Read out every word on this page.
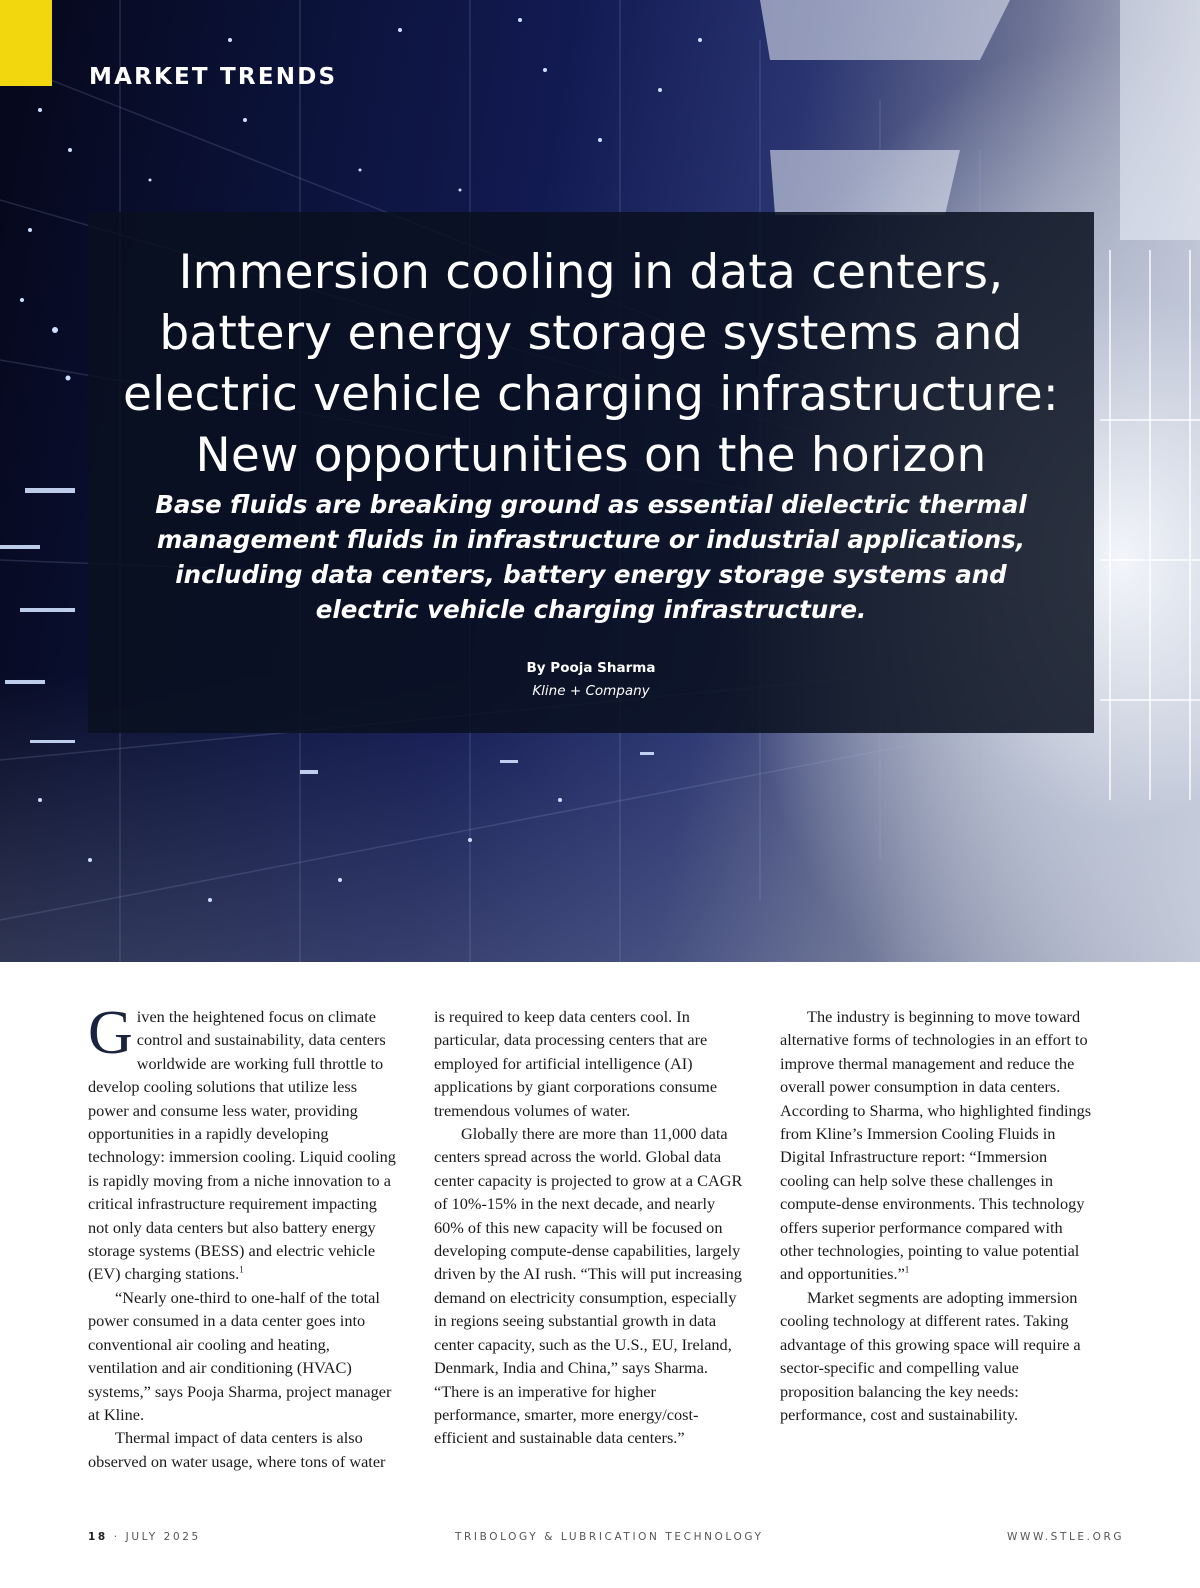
MARKET TRENDS
Immersion cooling in data centers,
battery energy storage systems and
electric vehicle charging infrastructure:
New opportunities on the horizon

Base fluids are breaking ground as essential dielectric thermal
management fluids in infrastructure or industrial applications,
including data centers, battery energy storage systems and
electric vehicle charging infrastructure.

By Pooja Sharma
Kline + Company

Given the heightened focus on climate control and sustainability, data centers worldwide are working full throttle to develop cooling solutions that utilize less power and consume less water, providing opportunities in a rapidly developing technology: immersion cooling. Liquid cooling is rapidly moving from a niche innovation to a critical infrastructure requirement impacting not only data centers but also battery energy storage systems (BESS) and electric vehicle (EV) charging stations.$^1$

“Nearly one-third to one-half of the total power consumed in a data center goes into conventional air cooling and heating, ventilation and air conditioning (HVAC) systems,” says Pooja Sharma, project manager at Kline.

Thermal impact of data centers is also observed on water usage, where tons of water

is required to keep data centers cool. In particular, data processing centers that are employed for artificial intelligence (AI) applications by giant corporations consume tremendous volumes of water.

Globally there are more than 11,000 data centers spread across the world. Global data center capacity is projected to grow at a CAGR of 10%-15% in the next decade, and nearly 60% of this new capacity will be focused on developing compute-dense capabilities, largely driven by the AI rush. “This will put increasing demand on electricity consumption, especially in regions seeing substantial growth in data center capacity, such as the U.S., EU, Ireland, Denmark, India and China,” says Sharma. “There is an imperative for higher performance, smarter, more energy/cost-efficient and sustainable data centers.”

The industry is beginning to move toward alternative forms of technologies in an effort to improve thermal management and reduce the overall power consumption in data centers. According to Sharma, who highlighted findings from Kline’s Immersion Cooling Fluids in Digital Infrastructure report: “Immersion cooling can help solve these challenges in compute-dense environments. This technology offers superior performance compared with other technologies, pointing to value potential and opportunities.”$^1$

Market segments are adopting immersion cooling technology at different rates. Taking advantage of this growing space will require a sector-specific and compelling value proposition balancing the key needs: performance, cost and sustainability.

18 · JULY 2025	TRIBOLOGY & LUBRICATION TECHNOLOGY	WWW.STLE.ORG
